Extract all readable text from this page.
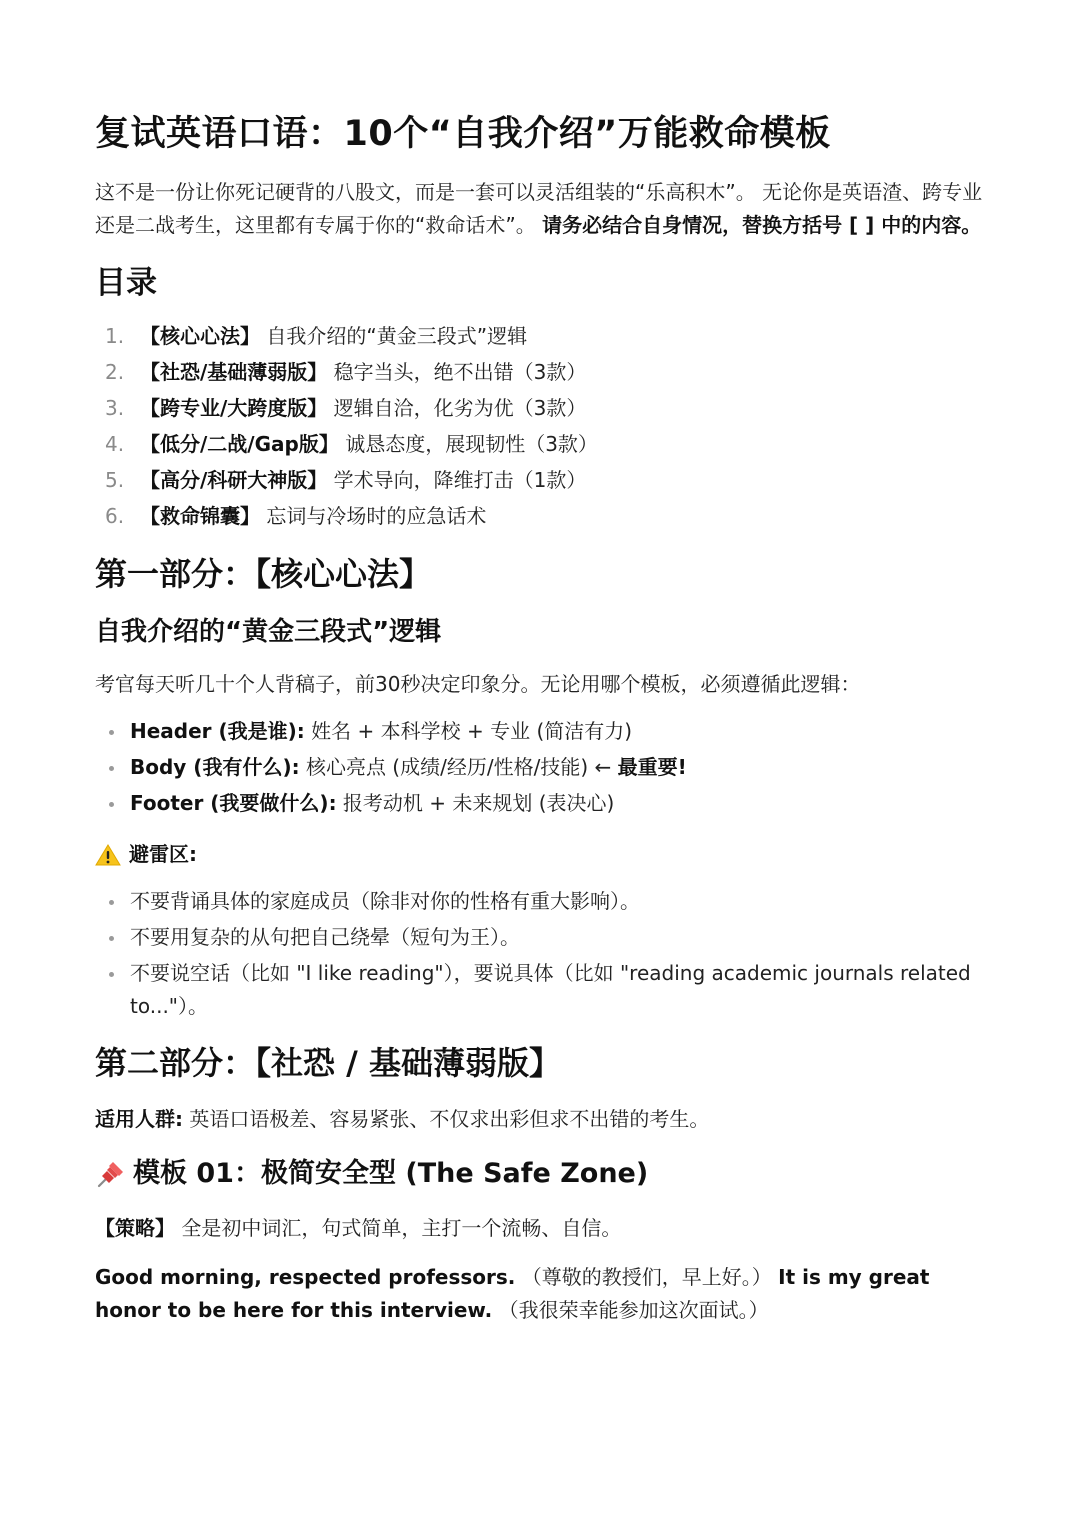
复试英语口语：10个“自我介绍”万能救命模板

这不是一份让你死记硬背的八股文，而是一套可以灵活组装的“乐高积木”。 无论你是英语渣、跨专业还是二战考生，这里都有专属于你的“救命话术”。 请务必结合自身情况，替换方括号 [ ] 中的内容。

目录
1. 【核心心法】 自我介绍的“黄金三段式”逻辑
2. 【社恐/基础薄弱版】 稳字当头，绝不出错（3款）
3. 【跨专业/大跨度版】 逻辑自洽，化劣为优（3款）
4. 【低分/二战/Gap版】 诚恳态度，展现韧性（3款）
5. 【高分/科研大神版】 学术导向，降维打击（1款）
6. 【救命锦囊】 忘词与冷场时的应急话术
第一部分：【核心心法】
自我介绍的“黄金三段式”逻辑

考官每天听几十个人背稿子，前30秒决定印象分。无论用哪个模板，必须遵循此逻辑：

Header (我是谁): 姓名 + 本科学校 + 专业 (简洁有力)
Body (我有什么): 核心亮点 (成绩/经历/性格/技能) ← 最重要!
Footer (我要做什么): 报考动机 + 未来规划 (表决心)
避雷区:
不要背诵具体的家庭成员（除非对你的性格有重大影响）。
不要用复杂的从句把自己绕晕（短句为王）。
不要说空话（比如 "I like reading"），要说具体（比如 "reading academic journals related to..."）。
第二部分：【社恐 / 基础薄弱版】

适用人群: 英语口语极差、容易紧张、不仅求出彩但求不出错的考生。

模板 01：极简安全型 (The Safe Zone)

【策略】 全是初中词汇，句式简单，主打一个流畅、自信。

Good morning, respected professors. （尊敬的教授们，早上好。） It is my great honor to be here for this interview. （我很荣幸能参加这次面试。）
